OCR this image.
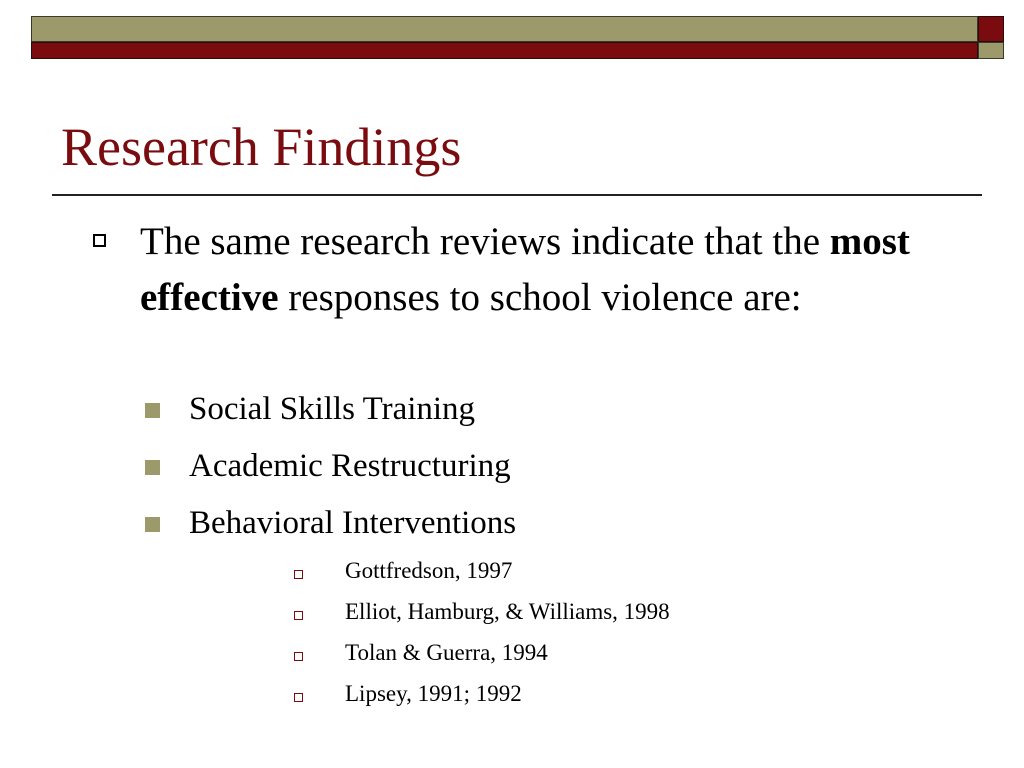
Research Findings
The same research reviews indicate that the most effective responses to school violence are:
Social Skills Training
Academic Restructuring
Behavioral Interventions
Gottfredson, 1997
Elliot, Hamburg, & Williams, 1998
Tolan & Guerra, 1994
Lipsey, 1991; 1992
